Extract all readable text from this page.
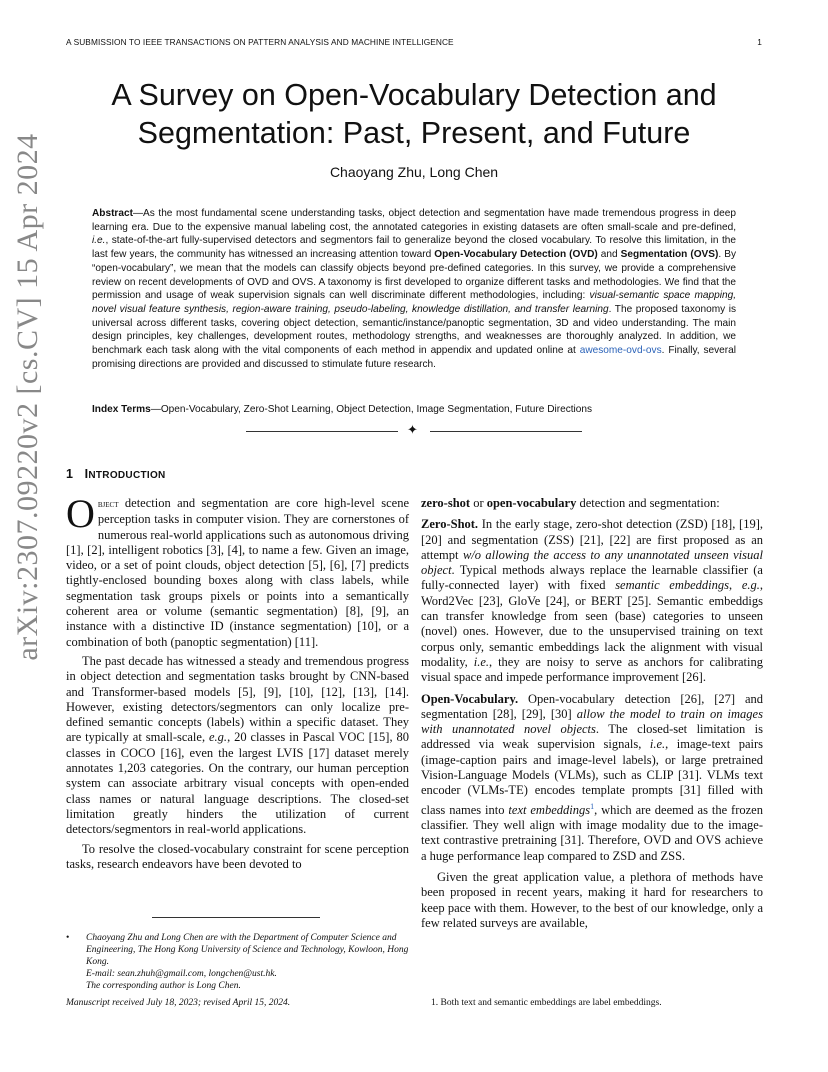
A SUBMISSION TO IEEE TRANSACTIONS ON PATTERN ANALYSIS AND MACHINE INTELLIGENCE	1
arXiv:2307.09220v2 [cs.CV] 15 Apr 2024
A Survey on Open-Vocabulary Detection and
Segmentation: Past, Present, and Future
Chaoyang Zhu, Long Chen
Abstract—As the most fundamental scene understanding tasks, object detection and segmentation have made tremendous progress in deep learning era. Due to the expensive manual labeling cost, the annotated categories in existing datasets are often small-scale and pre-defined, i.e., state-of-the-art fully-supervised detectors and segmentors fail to generalize beyond the closed vocabulary. To resolve this limitation, in the last few years, the community has witnessed an increasing attention toward Open-Vocabulary Detection (OVD) and Segmentation (OVS). By “open-vocabulary”, we mean that the models can classify objects beyond pre-defined categories. In this survey, we provide a comprehensive review on recent developments of OVD and OVS. A taxonomy is first developed to organize different tasks and methodologies. We find that the permission and usage of weak supervision signals can well discriminate different methodologies, including: visual-semantic space mapping, novel visual feature synthesis, region-aware training, pseudo-labeling, knowledge distillation, and transfer learning. The proposed taxonomy is universal across different tasks, covering object detection, semantic/instance/panoptic segmentation, 3D and video understanding. The main design principles, key challenges, development routes, methodology strengths, and weaknesses are thoroughly analyzed. In addition, we benchmark each task along with the vital components of each method in appendix and updated online at awesome-ovd-ovs. Finally, several promising directions are provided and discussed to stimulate future research.
Index Terms—Open-Vocabulary, Zero-Shot Learning, Object Detection, Image Segmentation, Future Directions
✦
1 INTRODUCTION

Object detection and segmentation are core high-level scene perception tasks in computer vision. They are cornerstones of numerous real-world applications such as autonomous driving [1], [2], intelligent robotics [3], [4], to name a few. Given an image, video, or a set of point clouds, object detection [5], [6], [7] predicts tightly-enclosed bounding boxes along with class labels, while segmentation task groups pixels or points into a semantically coherent area or volume (semantic segmentation) [8], [9], an instance with a distinctive ID (instance segmentation) [10], or a combination of both (panoptic segmentation) [11].

The past decade has witnessed a steady and tremendous progress in object detection and segmentation tasks brought by CNN-based and Transformer-based models [5], [9], [10], [12], [13], [14]. However, existing detectors/segmentors can only localize pre-defined semantic concepts (labels) within a specific dataset. They are typically at small-scale, e.g., 20 classes in Pascal VOC [15], 80 classes in COCO [16], even the largest LVIS [17] dataset merely annotates 1,203 categories. On the contrary, our human perception system can associate arbitrary visual concepts with open-ended class names or natural language descriptions. The closed-set limitation greatly hinders the utilization of current detectors/segmentors in real-world applications.

To resolve the closed-vocabulary constraint for scene perception tasks, research endeavors have been devoted to

zero-shot or open-vocabulary detection and segmentation:

Zero-Shot. In the early stage, zero-shot detection (ZSD) [18], [19], [20] and segmentation (ZSS) [21], [22] are first proposed as an attempt w/o allowing the access to any unannotated unseen visual object. Typical methods always replace the learnable classifier (a fully-connected layer) with fixed semantic embeddings, e.g., Word2Vec [23], GloVe [24], or BERT [25]. Semantic embeddigs can transfer knowledge from seen (base) categories to unseen (novel) ones. However, due to the unsupervised training on text corpus only, semantic embeddings lack the alignment with visual modality, i.e., they are noisy to serve as anchors for calibrating visual space and impede performance improvement [26].

Open-Vocabulary. Open-vocabulary detection [26], [27] and segmentation [28], [29], [30] allow the model to train on images with unannotated novel objects. The closed-set limitation is addressed via weak supervision signals, i.e., image-text pairs (image-caption pairs and image-level labels), or large pretrained Vision-Language Models (VLMs), such as CLIP [31]. VLMs text encoder (VLMs-TE) encodes template prompts [31] filled with class names into text embeddings$^1$, which are deemed as the frozen classifier. They well align with image modality due to the image-text contrastive pretraining [31]. Therefore, OVD and OVS achieve a huge performance leap compared to ZSD and ZSS.

Given the great application value, a plethora of methods have been proposed in recent years, making it hard for researchers to keep pace with them. However, to the best of our knowledge, only a few related surveys are available,

• Chaoyang Zhu and Long Chen are with the Department of Computer Science and Engineering, The Hong Kong University of Science and Technology, Kowloon, Hong Kong.
E-mail: sean.zhuh@gmail.com, longchen@ust.hk.
The corresponding author is Long Chen.
Manuscript received July 18, 2023; revised April 15, 2024.	1. Both text and semantic embeddings are label embeddings.
